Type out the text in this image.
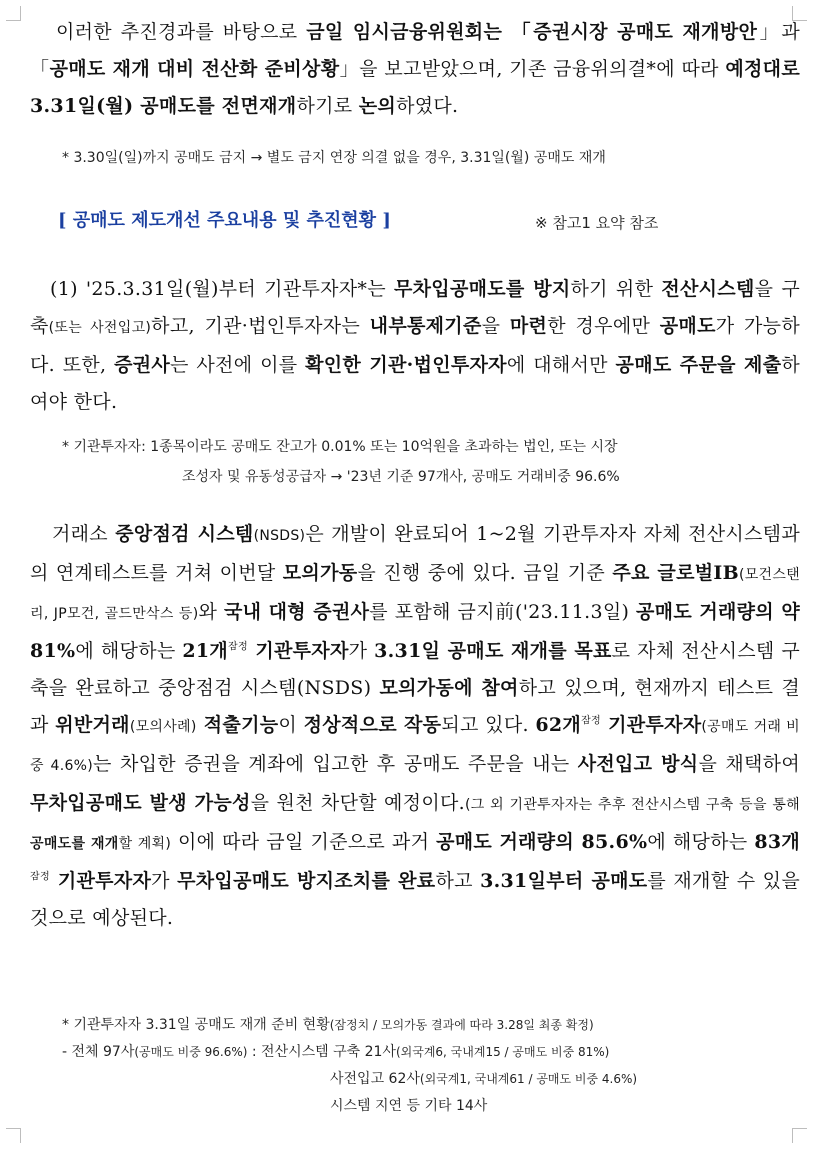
이러한 추진경과를 바탕으로 금일 임시금융위원회는 「증권시장 공매도 재개방안」과 「공매도 재개 대비 전산화 준비상황」을 보고받았으며, 기존 금융위의결*에 따라 예정대로 3.31일(월) 공매도를 전면재개하기로 논의하였다.
* 3.30일(일)까지 공매도 금지 → 별도 금지 연장 의결 없을 경우, 3.31일(월) 공매도 재개
[ 공매도 제도개선 주요내용 및 추진현황 ]	※ 참고1 요약 참조
(1) '25.3.31일(월)부터 기관투자자*는 무차입공매도를 방지하기 위한 전산시스템을 구축(또는 사전입고)하고, 기관·법인투자자는 내부통제기준을 마련한 경우에만 공매도가 가능하다. 또한, 증권사는 사전에 이를 확인한 기관·법인투자자에 대해서만 공매도 주문을 제출하여야 한다.
* 기관투자자: 1종목이라도 공매도 잔고가 0.01% 또는 10억원을 초과하는 법인, 또는 시장
조성자 및 유동성공급자 → '23년 기준 97개사, 공매도 거래비중 96.6%
거래소 중앙점검 시스템(NSDS)은 개발이 완료되어 1~2월 기관투자자 자체 전산시스템과의 연계테스트를 거쳐 이번달 모의가동을 진행 중에 있다. 금일 기준 주요 글로벌IB(모건스탠리, JP모건, 골드만삭스 등)와 국내 대형 증권사를 포함해 금지前('23.11.3일) 공매도 거래량의 약 81%에 해당하는 21개$^{잠정}$ 기관투자자가 3.31일 공매도 재개를 목표로 자체 전산시스템 구축을 완료하고 중앙점검 시스템(NSDS) 모의가동에 참여하고 있으며, 현재까지 테스트 결과 위반거래(모의사례) 적출기능이 정상적으로 작동되고 있다. 62개$^{잠정}$ 기관투자자(공매도 거래 비중 4.6%)는 차입한 증권을 계좌에 입고한 후 공매도 주문을 내는 사전입고 방식을 채택하여 무차입공매도 발생 가능성을 원천 차단할 예정이다.(그 외 기관투자자는 추후 전산시스템 구축 등을 통해 공매도를 재개할 계획) 이에 따라 금일 기준으로 과거 공매도 거래량의 85.6%에 해당하는 83개$^{잠정}$ 기관투자자가 무차입공매도 방지조치를 완료하고 3.31일부터 공매도를 재개할 수 있을 것으로 예상된다.
* 기관투자자 3.31일 공매도 재개 준비 현황(잠정치 / 모의가동 결과에 따라 3.28일 최종 확정)
- 전체 97사(공매도 비중 96.6%) : 전산시스템 구축 21사(외국계6, 국내계15 / 공매도 비중 81%)
사전입고 62사(외국계1, 국내계61 / 공매도 비중 4.6%)
시스템 지연 등 기타 14사
